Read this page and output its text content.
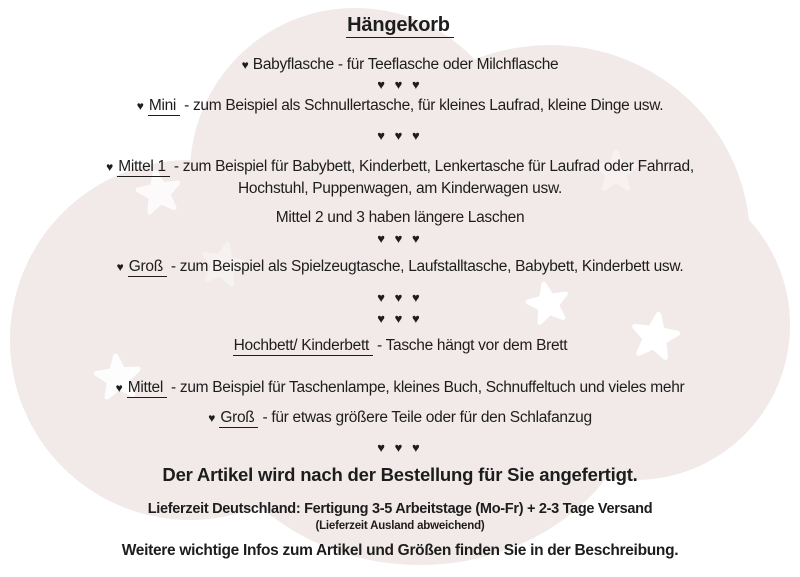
Hängekorb
♥ Babyflasche - für Teeflasche oder Milchflasche
♥ ♥ ♥
♥ Mini - zum Beispiel als Schnullertasche, für kleines Laufrad, kleine Dinge usw.
♥ ♥ ♥
♥ Mittel 1 - zum Beispiel für Babybett, Kinderbett, Lenkertasche für Laufrad oder Fahrrad,
Hochstuhl, Puppenwagen, am Kinderwagen usw.
Mittel 2 und 3 haben längere Laschen
♥ ♥ ♥
♥ Groß - zum Beispiel als Spielzeugtasche, Laufstalltasche, Babybett, Kinderbett usw.
♥ ♥ ♥
♥ ♥ ♥
Hochbett/ Kinderbett - Tasche hängt vor dem Brett
♥ Mittel - zum Beispiel für Taschenlampe, kleines Buch, Schnuffeltuch und vieles mehr
♥ Groß - für etwas größere Teile oder für den Schlafanzug
♥ ♥ ♥
Der Artikel wird nach der Bestellung für Sie angefertigt.
Lieferzeit Deutschland: Fertigung 3-5 Arbeitstage (Mo-Fr) + 2-3 Tage Versand
(Lieferzeit Ausland abweichend)
Weitere wichtige Infos zum Artikel und Größen finden Sie in der Beschreibung.
